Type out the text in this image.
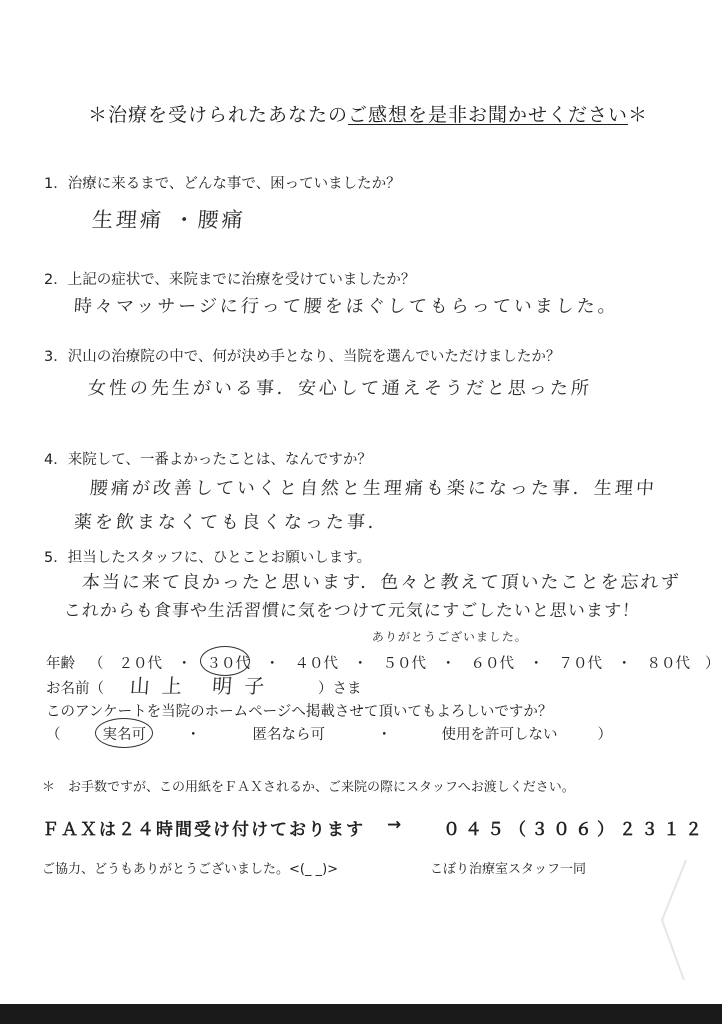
＊治療を受けられたあなたのご感想を是非お聞かせください＊
1．治療に来るまで、どんな事で、困っていましたか？
生理痛 ・腰痛
2．上記の症状で、来院までに治療を受けていましたか？
時々マッサージに行って腰をほぐしてもらっていました。
3．沢山の治療院の中で、何が決め手となり、当院を選んでいただけましたか？
女性の先生がいる事．安心して通えそうだと思った所
4．来院して、一番よかったことは、なんですか？
腰痛が改善していくと自然と生理痛も楽になった事．生理中
薬を飲まなくても良くなった事．
5．担当したスタッフに、ひとことお願いします。
本当に来て良かったと思います．色々と教えて頂いたことを忘れず
これからも食事や生活習慣に気をつけて元気にすごしたいと思います！
ありがとうございました。
年齢 （ ２０代 ・ ３０代 ・ ４０代 ・ ５０代 ・ ６０代 ・ ７０代 ・ ８０代 ）
お名前（ 山上 明子	）さま
このアンケートを当院のホームページへ掲載させて頂いてもよろしいですか？
（	実名可	・	匿名なら可	・	使用を許可しない	）
＊　お手数ですが、この用紙をＦＡＸされるか、ご来院の際にスタッフへお渡しください。
ＦＡＸは２４時間受け付けております → ０４５（３０６）２３１２
ご協力、どうもありがとうございました。<(_ _)>	こぼり治療室スタッフ一同
